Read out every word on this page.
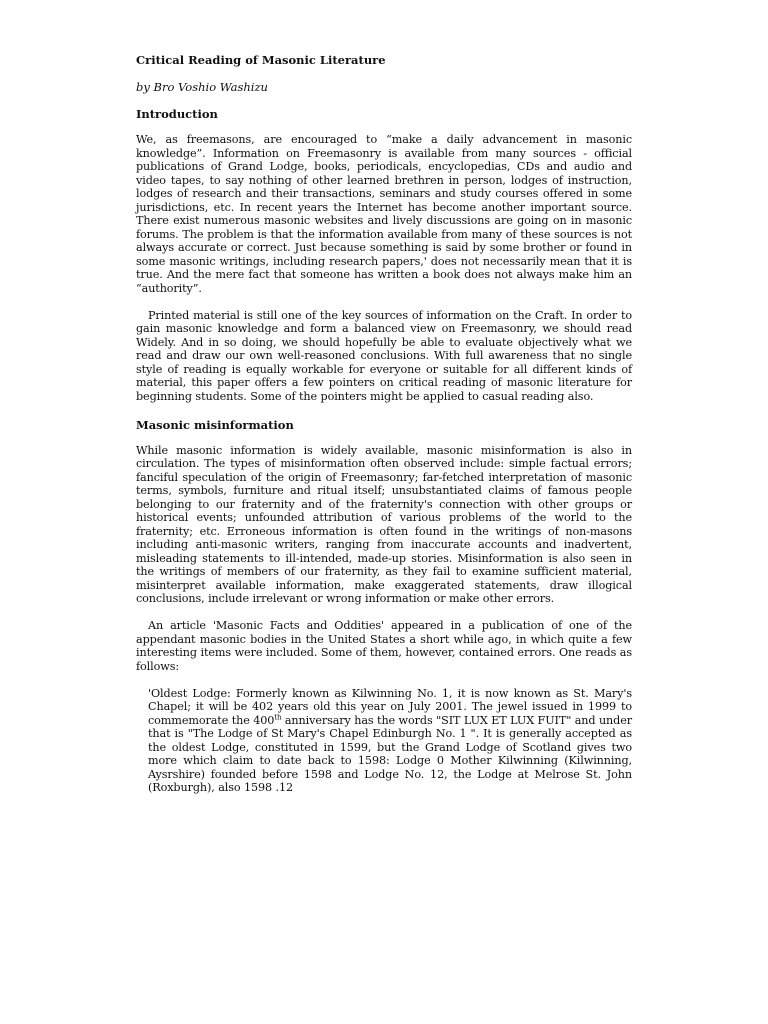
Critical Reading of Masonic Literature
by Bro Voshio Washizu
Introduction

We, as freemasons, are encouraged to “make a daily advancement in masonic knowledge”. Information on Freemasonry is available from many sources - official publications of Grand Lodge, books, periodicals, encyclopedias, CDs and audio and video tapes, to say nothing of other learned brethren in person, lodges of instruction, lodges of research and their transactions, seminars and study courses offered in some jurisdictions, etc. In recent years the Internet has become another important source. There exist numerous masonic websites and lively discussions are going on in masonic forums. The problem is that the information available from many of these sources is not always accurate or correct. Just because something is said by some brother or found in some masonic writings, including research papers,' does not necessarily mean that it is true. And the mere fact that someone has written a book does not always make him an “authority”.

Printed material is still one of the key sources of information on the Craft. In order to gain masonic knowledge and form a balanced view on Freemasonry, we should read Widely. And in so doing, we should hopefully be able to evaluate objectively what we read and draw our own well-reasoned conclusions. With full awareness that no single style of reading is equally workable for everyone or suitable for all different kinds of material, this paper offers a few pointers on critical reading of masonic literature for beginning students. Some of the pointers might be applied to casual reading also.

Masonic misinformation

While masonic information is widely available, masonic misinformation is also in circulation. The types of misinformation often observed include: simple factual errors; fanciful speculation of the origin of Freemasonry; far-fetched interpretation of masonic terms, symbols, furniture and ritual itself; unsubstantiated claims of famous people belonging to our fraternity and of the fraternity's connection with other groups or historical events; unfounded attribution of various problems of the world to the fraternity; etc. Erroneous information is often found in the writings of non-masons including anti-masonic writers, ranging from inaccurate accounts and inadvertent, misleading statements to ill-intended, made-up stories. Misinformation is also seen in the writings of members of our fraternity, as they fail to examine sufficient material, misinterpret available information, make exaggerated statements, draw illogical conclusions, include irrelevant or wrong information or make other errors.

An article 'Masonic Facts and Oddities' appeared in a publication of one of the appendant masonic bodies in the United States a short while ago, in which quite a few interesting items were included. Some of them, however, contained errors. One reads as follows:

'Oldest Lodge: Formerly known as Kilwinning No. 1, it is now known as St. Mary's Chapel; it will be 402 years old this year on July 2001. The jewel issued in 1999 to commemorate the 400th anniversary has the words "SIT LUX ET LUX FUIT" and under that is "The Lodge of St Mary's Chapel Edinburgh No. 1 ". It is generally accepted as the oldest Lodge, constituted in 1599, but the Grand Lodge of Scotland gives two more which claim to date back to 1598: Lodge 0 Mother Kilwinning (Kilwinning, Aysrshire) founded before 1598 and Lodge No. 12, the Lodge at Melrose St. John (Roxburgh), also 1598 .12
